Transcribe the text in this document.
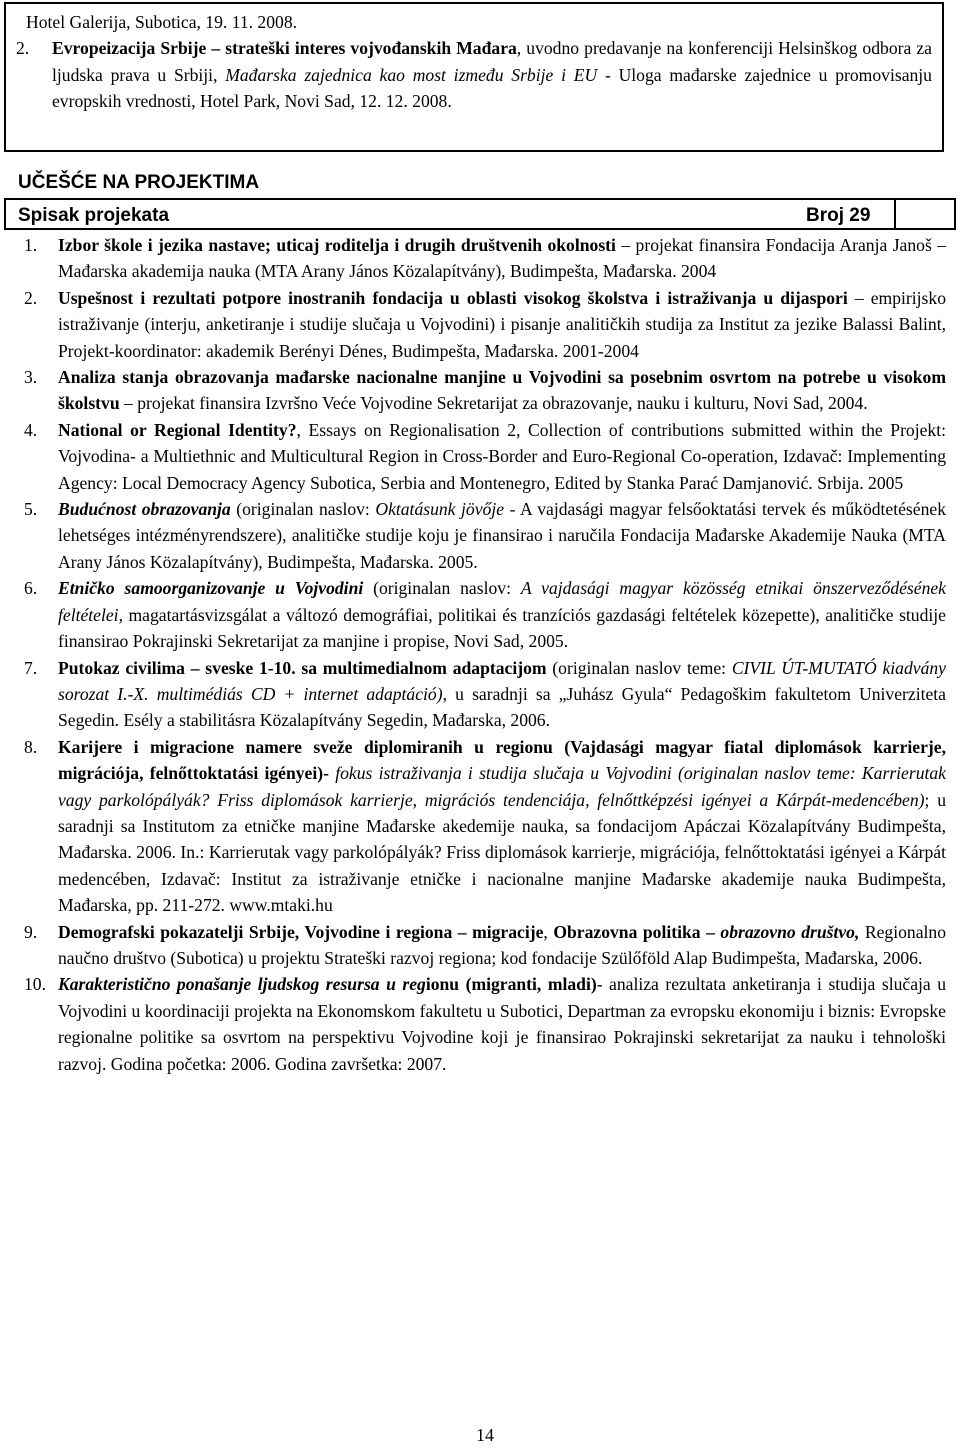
Hotel Galerija, Subotica, 19. 11. 2008.
2.	Evropeizacija Srbije – strateški interes vojvođanskih Mađara, uvodno predavanje na konferenciji Helsinškog odbora za ljudska prava u Srbiji, Mađarska zajednica kao most između Srbije i EU - Uloga mađarske zajednice u promovisanju evropskih vrednosti, Hotel Park, Novi Sad, 12. 12. 2008.
UČEŠĆE NA PROJEKTIMA
Spisak projekata	Broj 29
1.	Izbor škole i jezika nastave; uticaj roditelja i drugih društvenih okolnosti – projekat finansira Fondacija Aranja Janoš – Mađarska akademija nauka (MTA Arany János Közalapítvány), Budimpešta, Mađarska. 2004
2.	Uspešnost i rezultati potpore inostranih fondacija u oblasti visokog školstva i istraživanja u dijaspori – empirijsko istraživanje (interju, anketiranje i studije slučaja u Vojvodini) i pisanje analitičkih studija za Institut za jezike Balassi Balint, Projekt-koordinator: akademik Berényi Dénes, Budimpešta, Mađarska. 2001-2004
3.	Analiza stanja obrazovanja mađarske nacionalne manjine u Vojvodini sa posebnim osvrtom na potrebe u visokom školstvu – projekat finansira Izvršno Veće Vojvodine Sekretarijat za obrazovanje, nauku i kulturu, Novi Sad, 2004.
4.	National or Regional Identity?, Essays on Regionalisation 2, Collection of contributions submitted within the Projekt: Vojvodina- a Multiethnic and Multicultural Region in Cross-Border and Euro-Regional Co-operation, Izdavač: Implementing Agency: Local Democracy Agency Subotica, Serbia and Montenegro, Edited by Stanka Parać Damjanović. Srbija. 2005
5.	Budućnost obrazovanja (originalan naslov: Oktatásunk jövője - A vajdasági magyar felsőoktatási tervek és működtetésének lehetséges intézményrendszere), analitičke studije koju je finansirao i naručila Fondacija Mađarske Akademije Nauka (MTA Arany János Közalapítvány), Budimpešta, Mađarska. 2005.
6.	Etničko samoorganizovanje u Vojvodini (originalan naslov: A vajdasági magyar közösség etnikai önszerveződésének feltételei, magatartásvizsgálat a változó demográfiai, politikai és tranzíciós gazdasági feltételek közepette), analitičke studije finansirao Pokrajinski Sekretarijat za manjine i propise, Novi Sad, 2005.
7.	Putokaz civilima – sveske 1-10. sa multimedialnom adaptacijom (originalan naslov teme: CIVIL ÚT-MUTATÓ kiadvány sorozat I.-X. multimédiás CD + internet adaptáció), u saradnji sa „Juhász Gyula“ Pedagoškim fakultetom Univerziteta Segedin. Esély a stabilitásra Közalapítvány Segedin, Mađarska, 2006.
8.	Karijere i migracione namere sveže diplomiranih u regionu (Vajdasági magyar fiatal diplomások karrierje, migrációja, felnőttoktatási igényei)- fokus istraživanja i studija slučaja u Vojvodini (originalan naslov teme: Karrierutak vagy parkolópályák? Friss diplomások karrierje, migrációs tendenciája, felnőttképzési igényei a Kárpát-medencében); u saradnji sa Institutom za etničke manjine Mađarske akedemije nauka, sa fondacijom Apáczai Közalapítvány Budimpešta, Mađarska. 2006. In.: Karrierutak vagy parkolópályák? Friss diplomások karrierje, migrációja, felnőttoktatási igényei a Kárpát medencében, Izdavač: Institut za istraživanje etničke i nacionalne manjine Mađarske akademije nauka Budimpešta, Mađarska, pp. 211-272. www.mtaki.hu
9.	Demografski pokazatelji Srbije, Vojvodine i regiona – migracije, Obrazovna politika – obrazovno društvo, Regionalno naučno društvo (Subotica) u projektu Strateški razvoj regiona; kod fondacije Szülőföld Alap Budimpešta, Mađarska, 2006.
10. Karakteristično ponašanje ljudskog resursa u regionu (migranti, mladi)- analiza rezultata anketiranja i studija slučaja u Vojvodini u koordinaciji projekta na Ekonomskom fakultetu u Subotici, Departman za evropsku ekonomiju i biznis: Evropske regionalne politike sa osvrtom na perspektivu Vojvodine koji je finansirao Pokrajinski sekretarijat za nauku i tehnološki razvoj. Godina početka: 2006. Godina završetka: 2007.
14
